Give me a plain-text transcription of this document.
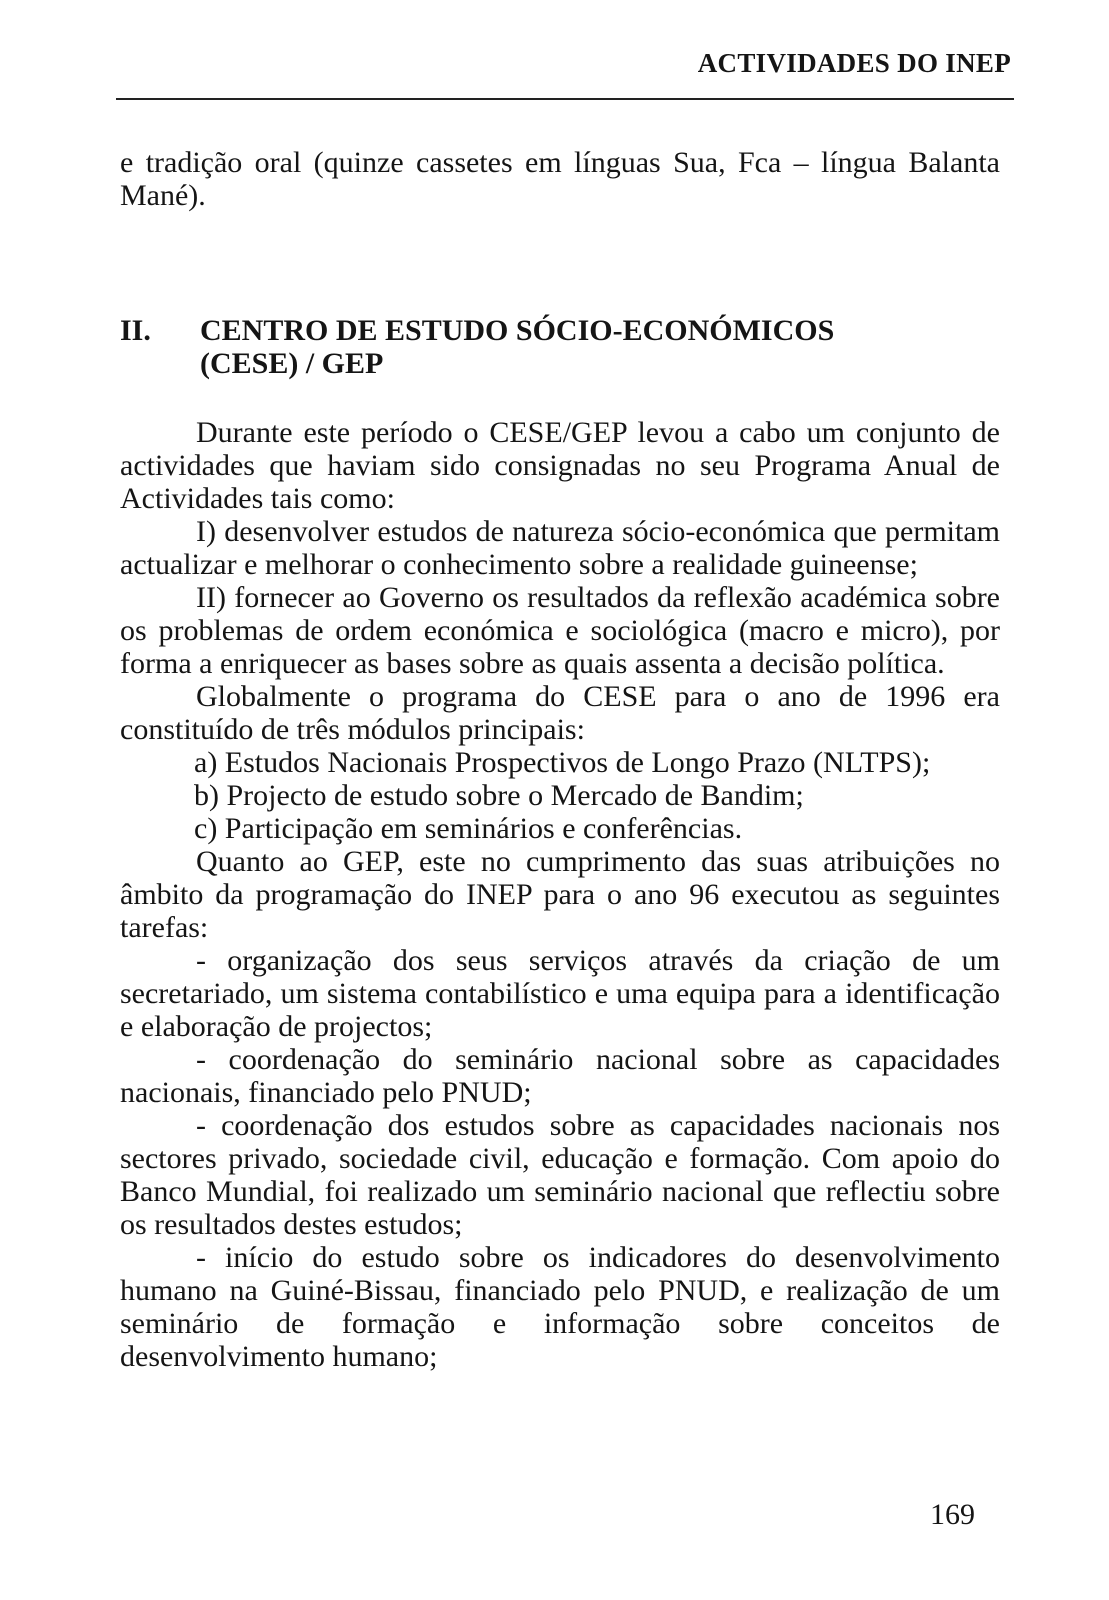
ACTIVIDADES DO INEP

e tradição oral (quinze cassetes em línguas Sua, Fca – língua Balanta Mané).

II.	CENTRO DE ESTUDO SÓCIO-ECONÓMICOS
(CESE) / GEP

Durante este período o CESE/GEP levou a cabo um conjunto de actividades que haviam sido consignadas no seu Programa Anual de Actividades tais como:

I) desenvolver estudos de natureza sócio-económica que permitam actualizar e melhorar o conhecimento sobre a realidade guineense;

II) fornecer ao Governo os resultados da reflexão académica sobre os problemas de ordem económica e sociológica (macro e micro), por forma a enriquecer as bases sobre as quais assenta a decisão política.

Globalmente o programa do CESE para o ano de 1996 era constituído de três módulos principais:

a) Estudos Nacionais Prospectivos de Longo Prazo (NLTPS);

b) Projecto de estudo sobre o Mercado de Bandim;

c) Participação em seminários e conferências.

Quanto ao GEP, este no cumprimento das suas atribuições no âmbito da programação do INEP para o ano 96 executou as seguintes tarefas:

- organização dos seus serviços através da criação de um secretariado, um sistema contabilístico e uma equipa para a identificação e elaboração de projectos;

- coordenação do seminário nacional sobre as capacidades nacionais, financiado pelo PNUD;

- coordenação dos estudos sobre as capacidades nacionais nos sectores privado, sociedade civil, educação e formação. Com apoio do Banco Mundial, foi realizado um seminário nacional que reflectiu sobre os resultados destes estudos;

- início do estudo sobre os indicadores do desenvolvimento humano na Guiné-Bissau, financiado pelo PNUD, e realização de um seminário de formação e informação sobre conceitos de desenvolvimento humano;

169
